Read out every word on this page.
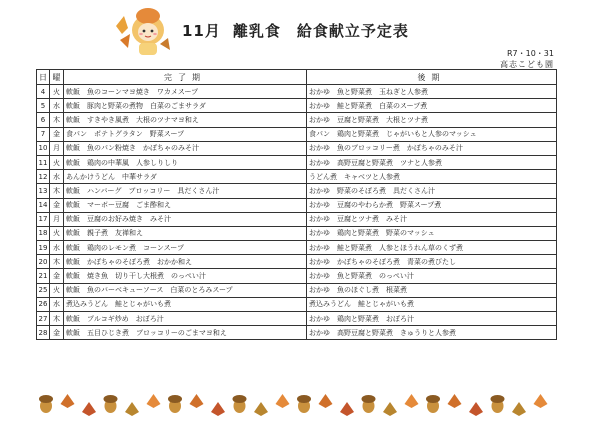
11月 離乳食　給食献立予定表
R7・10・31
高志こども園
日	曜	完了期	後期
4	火	軟飯　魚のコーンマヨ焼き　ワカメスープ	おかゆ　魚と野菜煮　玉ねぎと人参煮
5	水	軟飯　豚肉と野菜の煮物　白菜のごまサラダ	おかゆ　鮭と野菜煮　白菜のスープ煮
6	木	軟飯　すきやき風煮　大根のツナマヨ和え	おかゆ　豆腐と野菜煮　大根とツナ煮
7	金	食パン　ポテトグラタン　野菜スープ	食パン　鶏肉と野菜煮　じゃがいもと人参のマッシュ
10	月	軟飯　魚のパン粉焼き　かぼちゃのみそ汁	おかゆ　魚のブロッコリー煮　かぼちゃのみそ汁
11	火	軟飯　鶏肉の中華風　人参しりしり	おかゆ　高野豆腐と野菜煮　ツナと人参煮
12	水	あんかけうどん　中華サラダ	うどん煮　キャベツと人参煮
13	木	軟飯　ハンバーグ　ブロッコリー　具だくさん汁	おかゆ　野菜のそぼろ煮　具だくさん汁
14	金	軟飯　マーボー豆腐　ごま酢和え	おかゆ　豆腐のやわらか煮　野菜スープ煮
17	月	軟飯　豆腐のお好み焼き　みそ汁	おかゆ　豆腐とツナ煮　みそ汁
18	火	軟飯　親子煮　友禅和え	おかゆ　鶏肉と野菜煮　野菜のマッシュ
19	水	軟飯　鶏肉のレモン煮　コーンスープ	おかゆ　鮭と野菜煮　人参とほうれん草のくず煮
20	木	軟飯　かぼちゃのそぼろ煮　おかか和え	おかゆ　かぼちゃのそぼろ煮　青菜の煮びたし
21	金	軟飯　焼き魚　切り干し大根煮　のっぺい汁	おかゆ　魚と野菜煮　のっぺい汁
25	火	軟飯　魚のバーベキューソース　白菜のとろみスープ	おかゆ　魚のほぐし煮　根菜煮
26	水	煮込みうどん　鮭とじゃがいも煮	煮込みうどん　鮭とじゃがいも煮
27	木	軟飯　プルコギ炒め　おぼろ汁	おかゆ　鶏肉と野菜煮　おぼろ汁
28	金	軟飯　五目ひじき煮　ブロッコリーのごまマヨ和え	おかゆ　高野豆腐と野菜煮　きゅうりと人参煮
